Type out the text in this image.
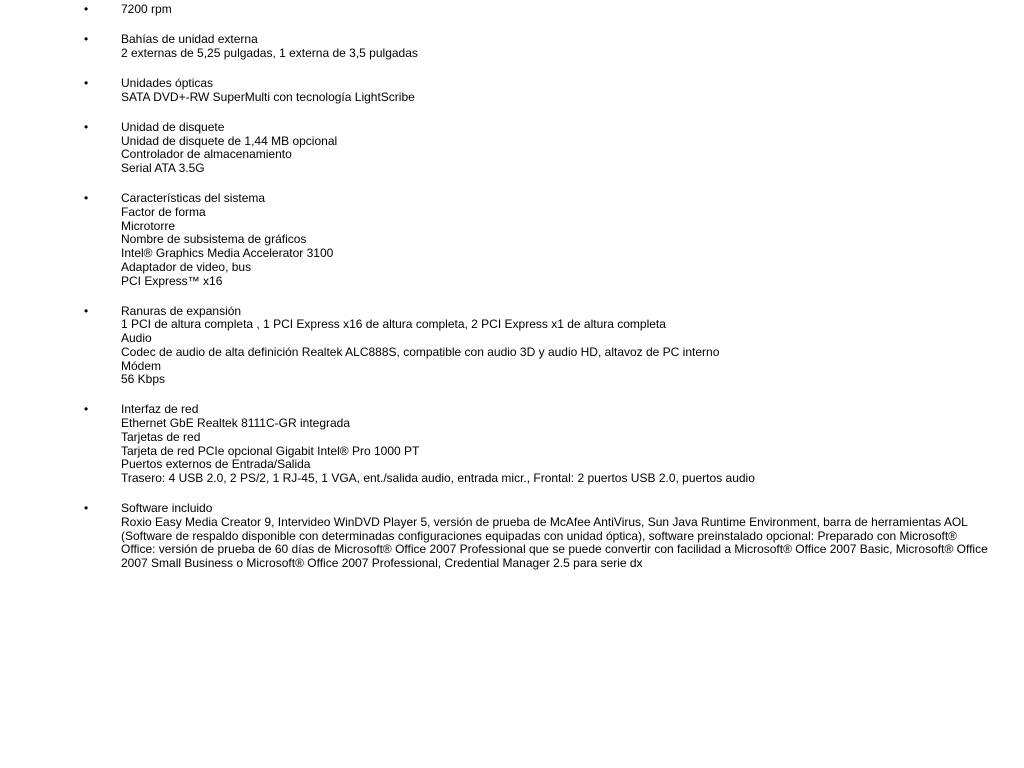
•	7200 rpm
•	Bahías de unidad externa
2 externas de 5,25 pulgadas, 1 externa de 3,5 pulgadas
•	Unidades ópticas
SATA DVD+-RW SuperMulti con tecnología LightScribe
•	Unidad de disquete
Unidad de disquete de 1,44 MB opcional
Controlador de almacenamiento
Serial ATA 3.5G
•	Características del sistema
Factor de forma
Microtorre
Nombre de subsistema de gráficos
Intel® Graphics Media Accelerator 3100
Adaptador de video, bus
PCI Express™ x16
•	Ranuras de expansión
1 PCI de altura completa , 1 PCI Express x16 de altura completa, 2 PCI Express x1 de altura completa
Audio
Codec de audio de alta definición Realtek ALC888S, compatible con audio 3D y audio HD, altavoz de PC interno
Módem
56 Kbps
•	Interfaz de red
Ethernet GbE Realtek 8111C-GR integrada
Tarjetas de red
Tarjeta de red PCIe opcional Gigabit Intel® Pro 1000 PT
Puertos externos de Entrada/Salida
Trasero: 4 USB 2.0, 2 PS/2, 1 RJ-45, 1 VGA, ent./salida audio, entrada micr., Frontal: 2 puertos USB 2.0, puertos audio
•	Software incluido
Roxio Easy Media Creator 9, Intervideo WinDVD Player 5, versión de prueba de McAfee AntiVirus, Sun Java Runtime Environment, barra de herramientas AOL (Software de respaldo disponible con determinadas configuraciones equipadas con unidad óptica), software preinstalado opcional: Preparado con Microsoft® Office: versión de prueba de 60 días de Microsoft® Office 2007 Professional que se puede convertir con facilidad a Microsoft® Office 2007 Basic, Microsoft® Office 2007 Small Business o Microsoft® Office 2007 Professional, Credential Manager 2.5 para serie dx
